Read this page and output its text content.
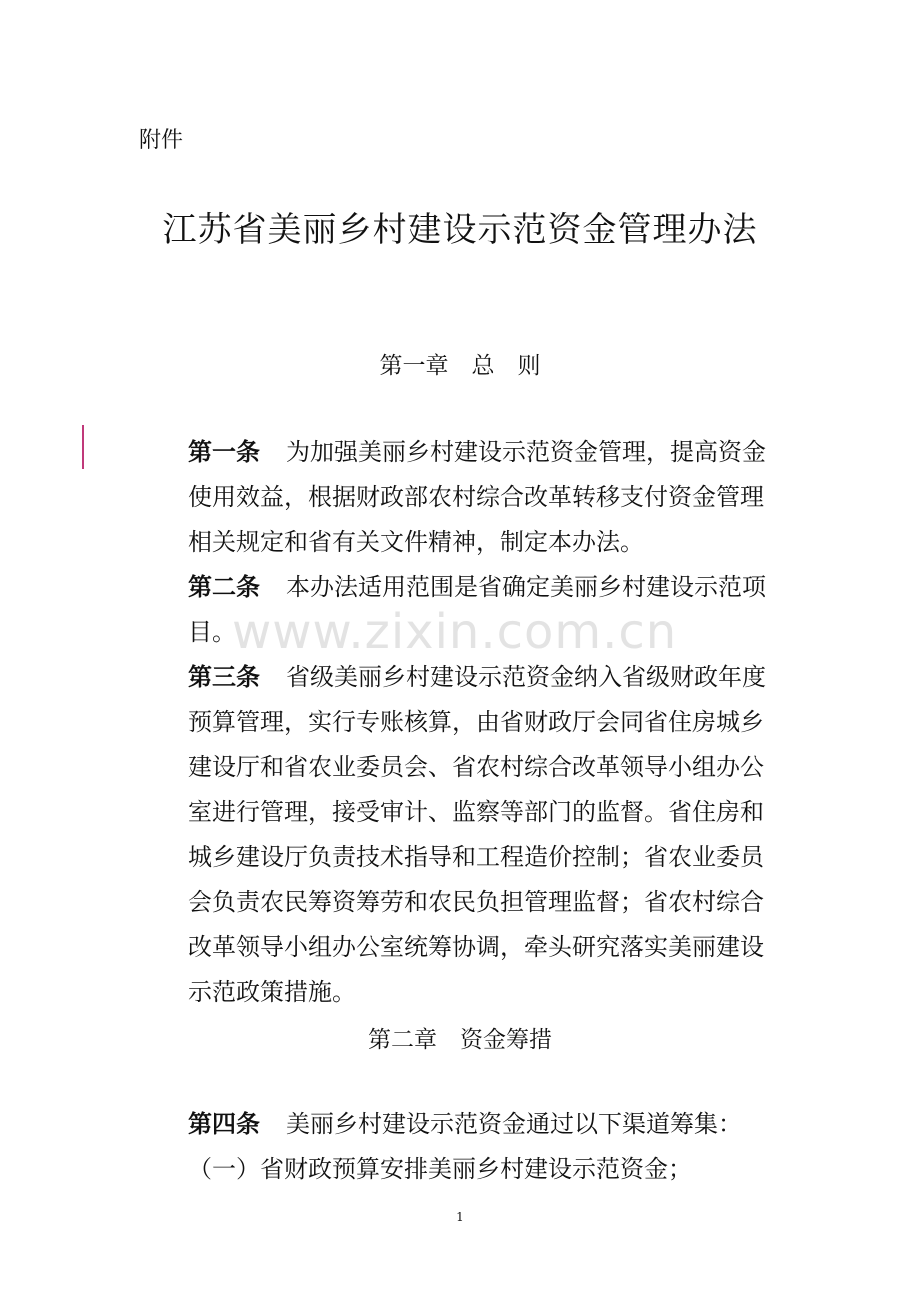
附件
江苏省美丽乡村建设示范资金管理办法
第一章　总　则
第一条 为加强美丽乡村建设示范资金管理，提高资金使用效益，根据财政部农村综合改革转移支付资金管理相关规定和省有关文件精神，制定本办法。
第二条 本办法适用范围是省确定美丽乡村建设示范项目。
第三条 省级美丽乡村建设示范资金纳入省级财政年度预算管理，实行专账核算，由省财政厅会同省住房城乡建设厅和省农业委员会、省农村综合改革领导小组办公室进行管理，接受审计、监察等部门的监督。省住房和城乡建设厅负责技术指导和工程造价控制；省农业委员会负责农民筹资筹劳和农民负担管理监督；省农村综合改革领导小组办公室统筹协调，牵头研究落实美丽建设示范政策措施。
第二章　资金筹措
第四条 美丽乡村建设示范资金通过以下渠道筹集：
（一）省财政预算安排美丽乡村建设示范资金；
www.zixin.com.cn
1
